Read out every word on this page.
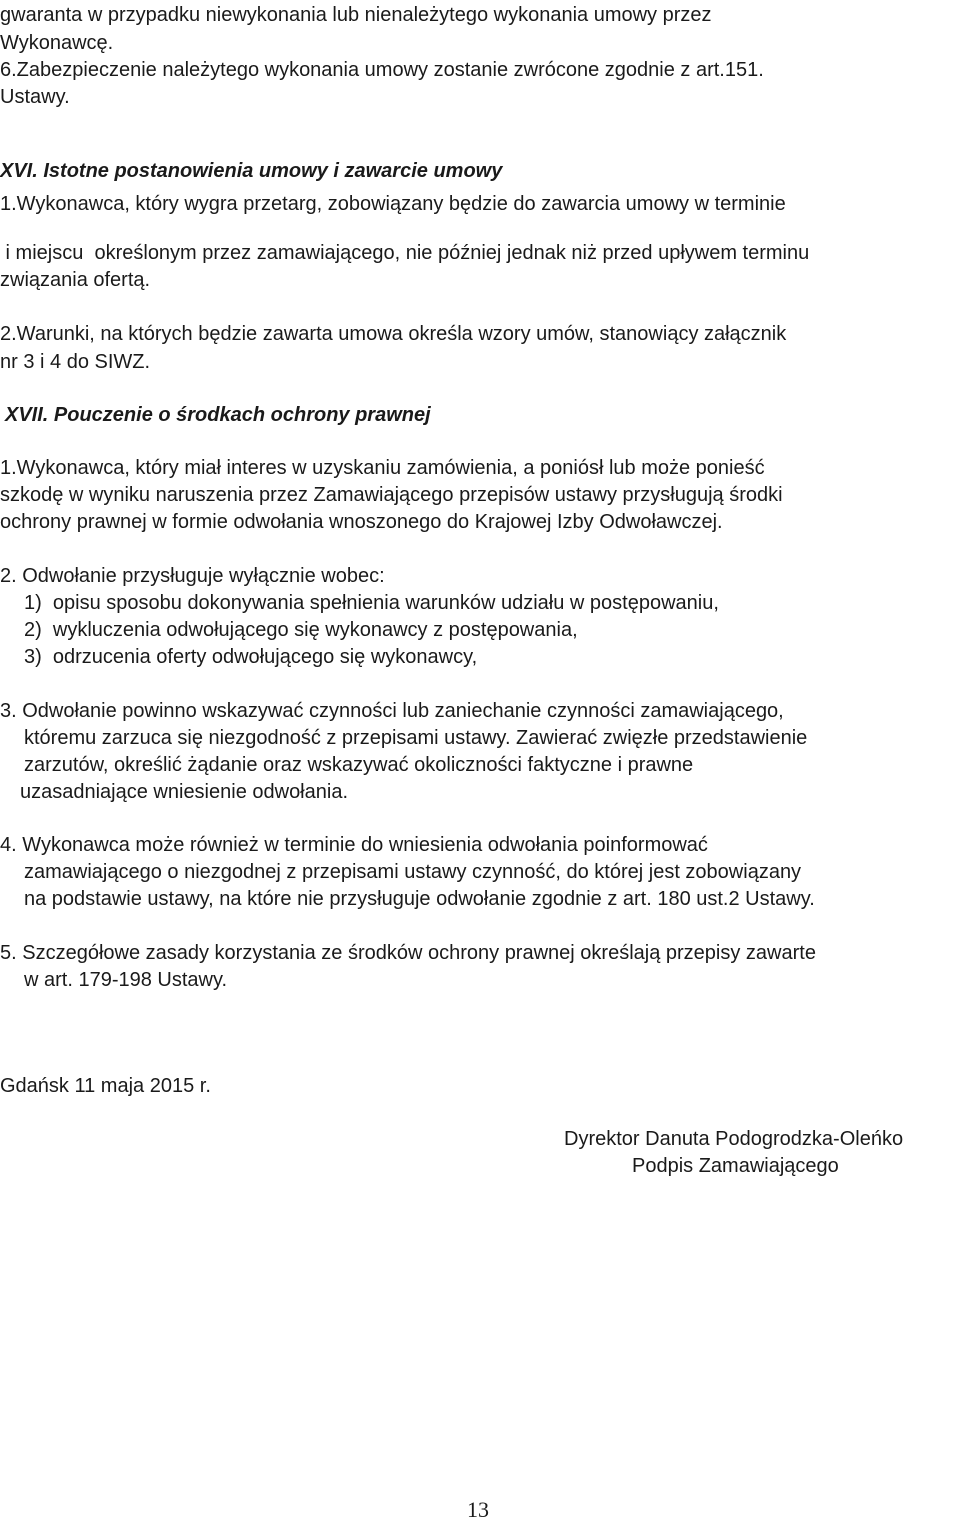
gwaranta w przypadku niewykonania lub nienależytego wykonania umowy przez
Wykonawcę.
6.Zabezpieczenie należytego wykonania umowy zostanie zwrócone zgodnie z art.151.
Ustawy.
XVI. Istotne postanowienia umowy i zawarcie umowy
1.Wykonawca, który wygra przetarg, zobowiązany będzie do zawarcia umowy w terminie
i miejscu  określonym przez zamawiającego, nie później jednak niż przed upływem terminu
związania ofertą.
2.Warunki, na których będzie zawarta umowa określa wzory umów, stanowiący załącznik
nr 3 i 4 do SIWZ.
XVII. Pouczenie o środkach ochrony prawnej
1.Wykonawca, który miał interes w uzyskaniu zamówienia, a poniósł lub może ponieść
szkodę w wyniku naruszenia przez Zamawiającego przepisów ustawy przysługują środki
ochrony prawnej w formie odwołania wnoszonego do Krajowej Izby Odwoławczej.
2. Odwołanie przysługuje wyłącznie wobec:
1)  opisu sposobu dokonywania spełnienia warunków udziału w postępowaniu,
2)  wykluczenia odwołującego się wykonawcy z postępowania,
3)  odrzucenia oferty odwołującego się wykonawcy,
3. Odwołanie powinno wskazywać czynności lub zaniechanie czynności zamawiającego,
któremu zarzuca się niezgodność z przepisami ustawy. Zawierać zwięzłe przedstawienie
zarzutów, określić żądanie oraz wskazywać okoliczności faktyczne i prawne
uzasadniające wniesienie odwołania.
4. Wykonawca może również w terminie do wniesienia odwołania poinformować
zamawiającego o niezgodnej z przepisami ustawy czynność, do której jest zobowiązany
na podstawie ustawy, na które nie przysługuje odwołanie zgodnie z art. 180 ust.2 Ustawy.
5. Szczegółowe zasady korzystania ze środków ochrony prawnej określają przepisy zawarte
w art. 179-198 Ustawy.
Gdańsk 11 maja 2015 r.
Dyrektor Danuta Podogrodzka-Oleńko
Podpis Zamawiającego
13
